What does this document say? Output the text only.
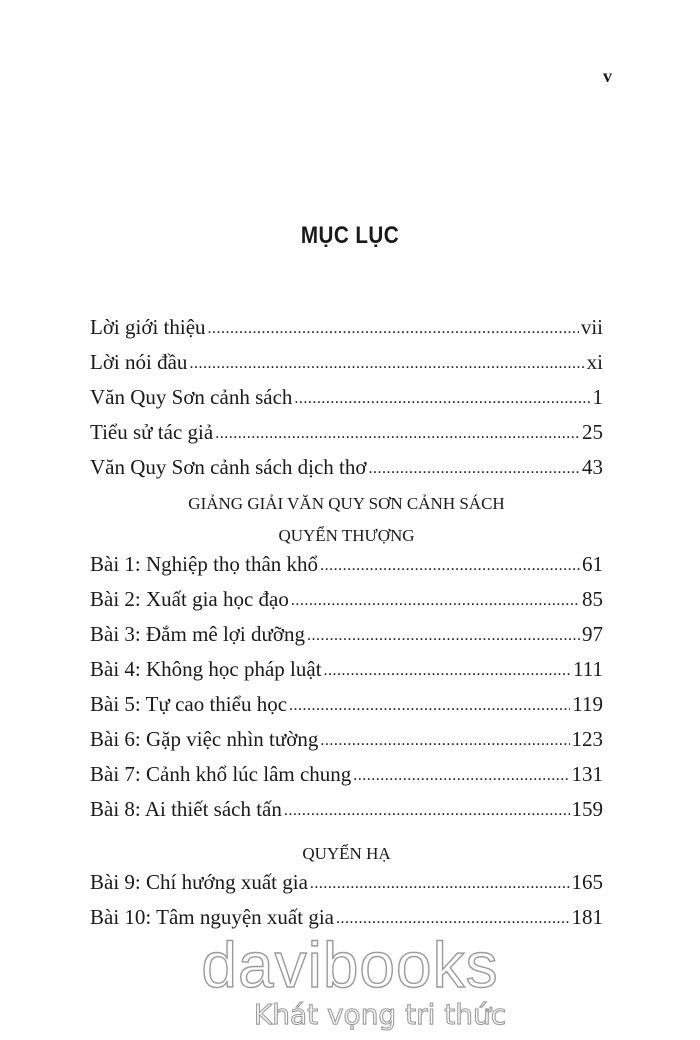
v
MỤC LỤC
Lời giới thiệu .....	vii
Lời nói đầu .....	xi
Văn Quy Sơn cảnh sách .....	1
Tiểu sử tác giả .....	25
Văn Quy Sơn cảnh sách dịch thơ .....	43
GIẢNG GIẢI VĂN QUY SƠN CẢNH SÁCH
QUYỂN THƯỢNG
Bài 1: Nghiệp thọ thân khổ .....	61
Bài 2: Xuất gia học đạo .....	85
Bài 3: Đắm mê lợi dưỡng .....	97
Bài 4: Không học pháp luật .....	111
Bài 5: Tự cao thiểu học .....	119
Bài 6: Gặp việc nhìn tường .....	123
Bài 7: Cảnh khổ lúc lâm chung .....	131
Bài 8: Ai thiết sách tấn .....	159
QUYỂN HẠ
Bài 9: Chí hướng xuất gia .....	165
Bài 10: Tâm nguyện xuất gia .....	181
davibooks
Khát vọng tri thức
